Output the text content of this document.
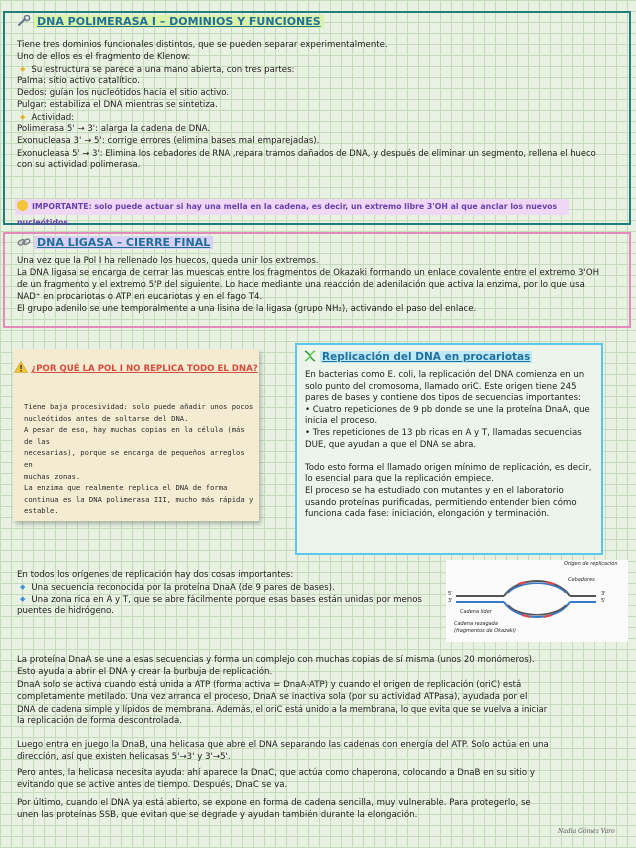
DNA POLIMERASA I – DOMINIOS Y FUNCIONES

Tiene tres dominios funcionales distintos, que se pueden separar experimentalmente.

Uno de ellos es el fragmento de Klenow:

◆ Su estructura se parece a una mano abierta, con tres partes:

Palma: sitio activo catalítico.

Dedos: guían los nucleótidos hacia el sitio activo.

Pulgar: estabiliza el DNA mientras se sintetiza.

◆ Actividad:

Polimerasa 5' → 3': alarga la cadena de DNA.

Exonucleasa 3' → 5': corrige errores (elimina bases mal emparejadas).

Exonucleasa 5' → 3': Elimina los cebadores de RNA ,repara tramos dañados de DNA, y después de eliminar un segmento, rellena el hueco

con su actividad polimerasa.

IMPORTANTE: solo puede actuar si hay una mella en la cadena, es decir, un extremo libre 3'OH al que anclar los nuevos nucleótidos.
DNA LIGASA – CIERRE FINAL

Una vez que la Pol I ha rellenado los huecos, queda unir los extremos.

La DNA ligasa se encarga de cerrar las muescas entre los fragmentos de Okazaki formando un enlace covalente entre el extremo 3'OH

de un fragmento y el extremo 5'P del siguiente. Lo hace mediante una reacción de adenilación que activa la enzima, por lo que usa

NAD⁺ en procariotas o ATP en eucariotas y en el fago T4.

El grupo adenilo se une temporalmente a una lisina de la ligasa (grupo NH₂), activando el paso del enlace.

¿POR QUÉ LA POL I NO REPLICA TODO EL DNA?
Tiene baja procesividad: solo puede añadir unos pocos
nucleótidos antes de soltarse del DNA.
A pesar de eso, hay muchas copias en la célula (más de las
necesarias), porque se encarga de pequeños arreglos en
muchas zonas.
La enzima que realmente replica el DNA de forma
continua es la DNA polimerasa III, mucho más rápida y
estable.
Replicación del DNA en procariotas
En bacterias como E. coli, la replicación del DNA comienza en un
solo punto del cromosoma, llamado oriC. Este origen tiene 245
pares de bases y contiene dos tipos de secuencias importantes:
• Cuatro repeticiones de 9 pb donde se une la proteína DnaA, que
inicia el proceso.
• Tres repeticiones de 13 pb ricas en A y T, llamadas secuencias
DUE, que ayudan a que el DNA se abra.
Todo esto forma el llamado origen mínimo de replicación, es decir,
lo esencial para que la replicación empiece.
El proceso se ha estudiado con mutantes y en el laboratorio
usando proteínas purificadas, permitiendo entender bien cómo
funciona cada fase: iniciación, elongación y terminación.

En todos los orígenes de replicación hay dos cosas importantes:

◆ Una secuencia reconocida por la proteína DnaA (de 9 pares de bases).

◆ Una zona rica en A y T, que se abre fácilmente porque esas bases están unidas por menos

puentes de hidrógeno.

Origen de replicación
Cebadores
5'
3'
3'
5'
Cadena líder
Cadena rezagada
(fragmentos de Okazaki)

La proteína DnaA se une a esas secuencias y forma un complejo con muchas copias de sí misma (unos 20 monómeros).

Esto ayuda a abrir el DNA y crear la burbuja de replicación.

DnaA solo se activa cuando está unida a ATP (forma activa = DnaA-ATP) y cuando el origen de replicación (oriC) está

completamente metilado. Una vez arranca el proceso, DnaA se inactiva sola (por su actividad ATPasa), ayudada por el

DNA de cadena simple y lípidos de membrana. Además, el oriC está unido a la membrana, lo que evita que se vuelva a iniciar

la replicación de forma descontrolada.

Luego entra en juego la DnaB, una helicasa que abre el DNA separando las cadenas con energía del ATP. Solo actúa en una

dirección, así que existen helicasas 5'→3' y 3'→5'.

Pero antes, la helicasa necesita ayuda: ahí aparece la DnaC, que actúa como chaperona, colocando a DnaB en su sitio y

evitando que se active antes de tiempo. Después, DnaC se va.

Por último, cuando el DNA ya está abierto, se expone en forma de cadena sencilla, muy vulnerable. Para protegerlo, se

unen las proteínas SSB, que evitan que se degrade y ayudan también durante la elongación.

Nadia Gómez Varo
